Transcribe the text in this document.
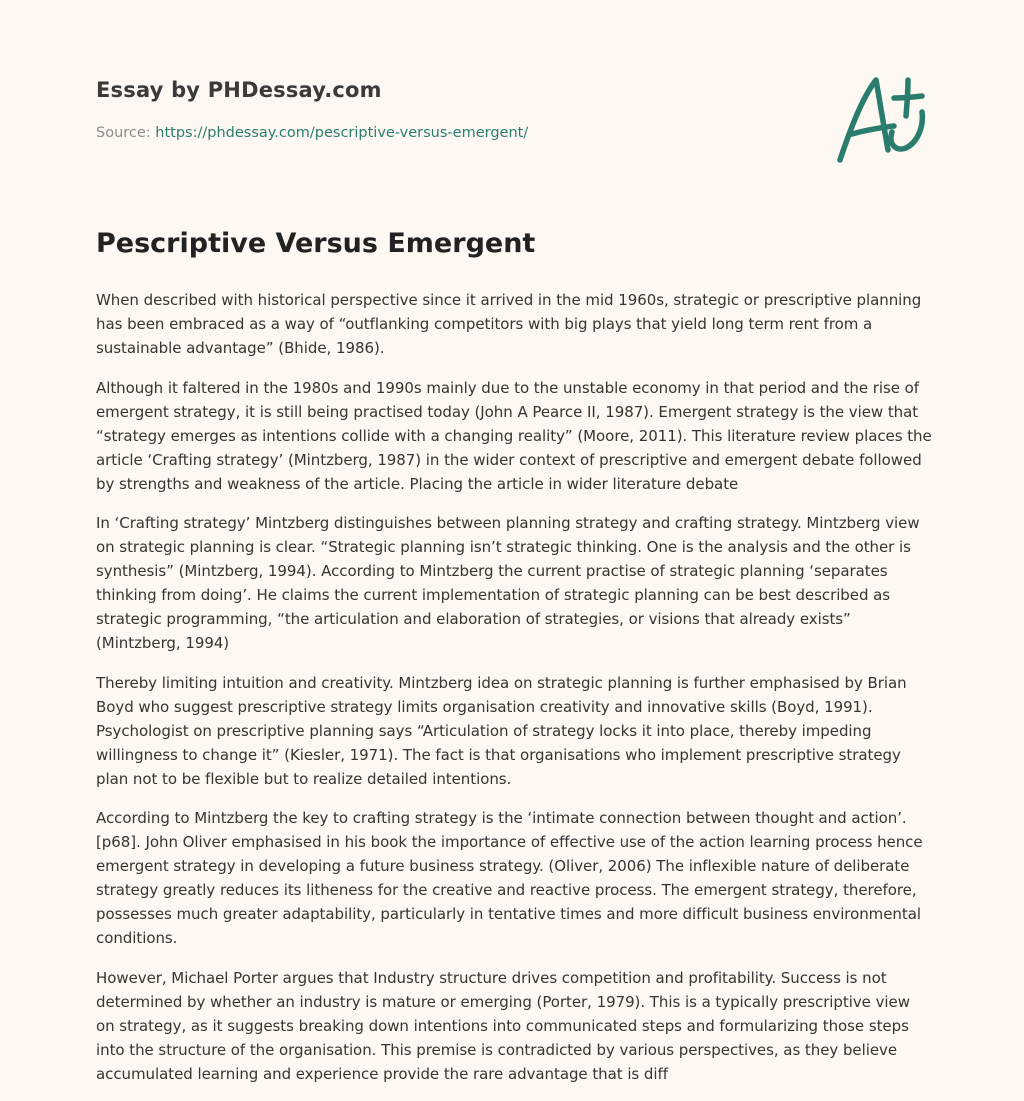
Essay by PHDessay.com
Source: https://phdessay.com/pescriptive-versus-emergent/
Pescriptive Versus Emergent

When described with historical perspective since it arrived in the mid 1960s, strategic or prescriptive planning has been embraced as a way of “outflanking competitors with big plays that yield long term rent from a sustainable advantage” (Bhide, 1986).

Although it faltered in the 1980s and 1990s mainly due to the unstable economy in that period and the rise of emergent strategy, it is still being practised today (John A Pearce II, 1987). Emergent strategy is the view that “strategy emerges as intentions collide with a changing reality” (Moore, 2011). This literature review places the article ‘Crafting strategy’ (Mintzberg, 1987) in the wider context of prescriptive and emergent debate followed by strengths and weakness of the article. Placing the article in wider literature debate

In ‘Crafting strategy’ Mintzberg distinguishes between planning strategy and crafting strategy. Mintzberg view on strategic planning is clear. “Strategic planning isn’t strategic thinking. One is the analysis and the other is synthesis” (Mintzberg, 1994). According to Mintzberg the current practise of strategic planning ‘separates thinking from doing’. He claims the current implementation of strategic planning can be best described as strategic programming, “the articulation and elaboration of strategies, or visions that already exists” (Mintzberg, 1994)

Thereby limiting intuition and creativity. Mintzberg idea on strategic planning is further emphasised by Brian Boyd who suggest prescriptive strategy limits organisation creativity and innovative skills (Boyd, 1991). Psychologist on prescriptive planning says “Articulation of strategy locks it into place, thereby impeding willingness to change it” (Kiesler, 1971). The fact is that organisations who implement prescriptive strategy plan not to be flexible but to realize detailed intentions.

According to Mintzberg the key to crafting strategy is the ‘intimate connection between thought and action’. [p68]. John Oliver emphasised in his book the importance of effective use of the action learning process hence emergent strategy in developing a future business strategy. (Oliver, 2006) The inflexible nature of deliberate strategy greatly reduces its litheness for the creative and reactive process. The emergent strategy, therefore, possesses much greater adaptability, particularly in tentative times and more difficult business environmental conditions.

However, Michael Porter argues that Industry structure drives competition and profitability. Success is not determined by whether an industry is mature or emerging (Porter, 1979). This is a typically prescriptive view on strategy, as it suggests breaking down intentions into communicated steps and formularizing those steps into the structure of the organisation. This premise is contradicted by various perspectives, as they believe accumulated learning and experience provide the rare advantage that is diff
